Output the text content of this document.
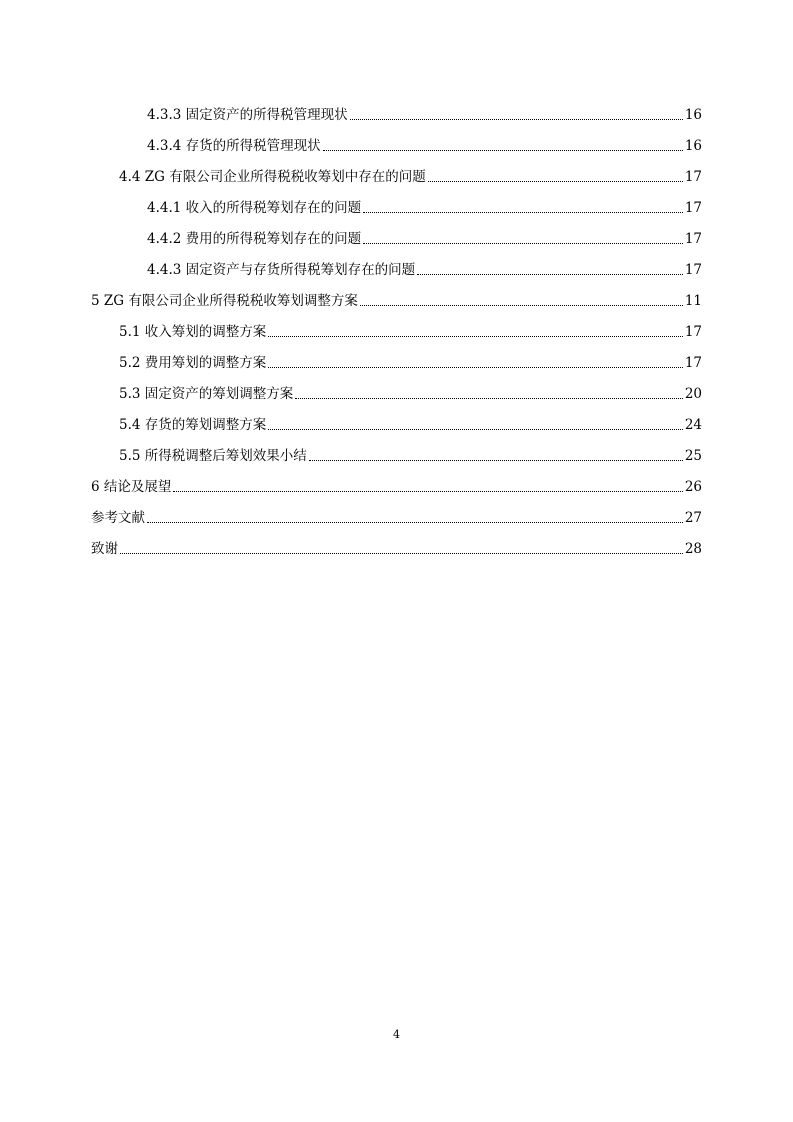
4.3.3 固定资产的所得税管理现状	16
4.3.4 存货的所得税管理现状	16
4.4 ZG 有限公司企业所得税税收筹划中存在的问题	17
4.4.1 收入的所得税筹划存在的问题	17
4.4.2 费用的所得税筹划存在的问题	17
4.4.3 固定资产与存货所得税筹划存在的问题	17
5 ZG 有限公司企业所得税税收筹划调整方案	11
5.1 收入筹划的调整方案	17
5.2 费用筹划的调整方案	17
5.3 固定资产的筹划调整方案	20
5.4 存货的筹划调整方案	24
5.5 所得税调整后筹划效果小结	25
6 结论及展望	26
参考文献	27
致谢	28
4
